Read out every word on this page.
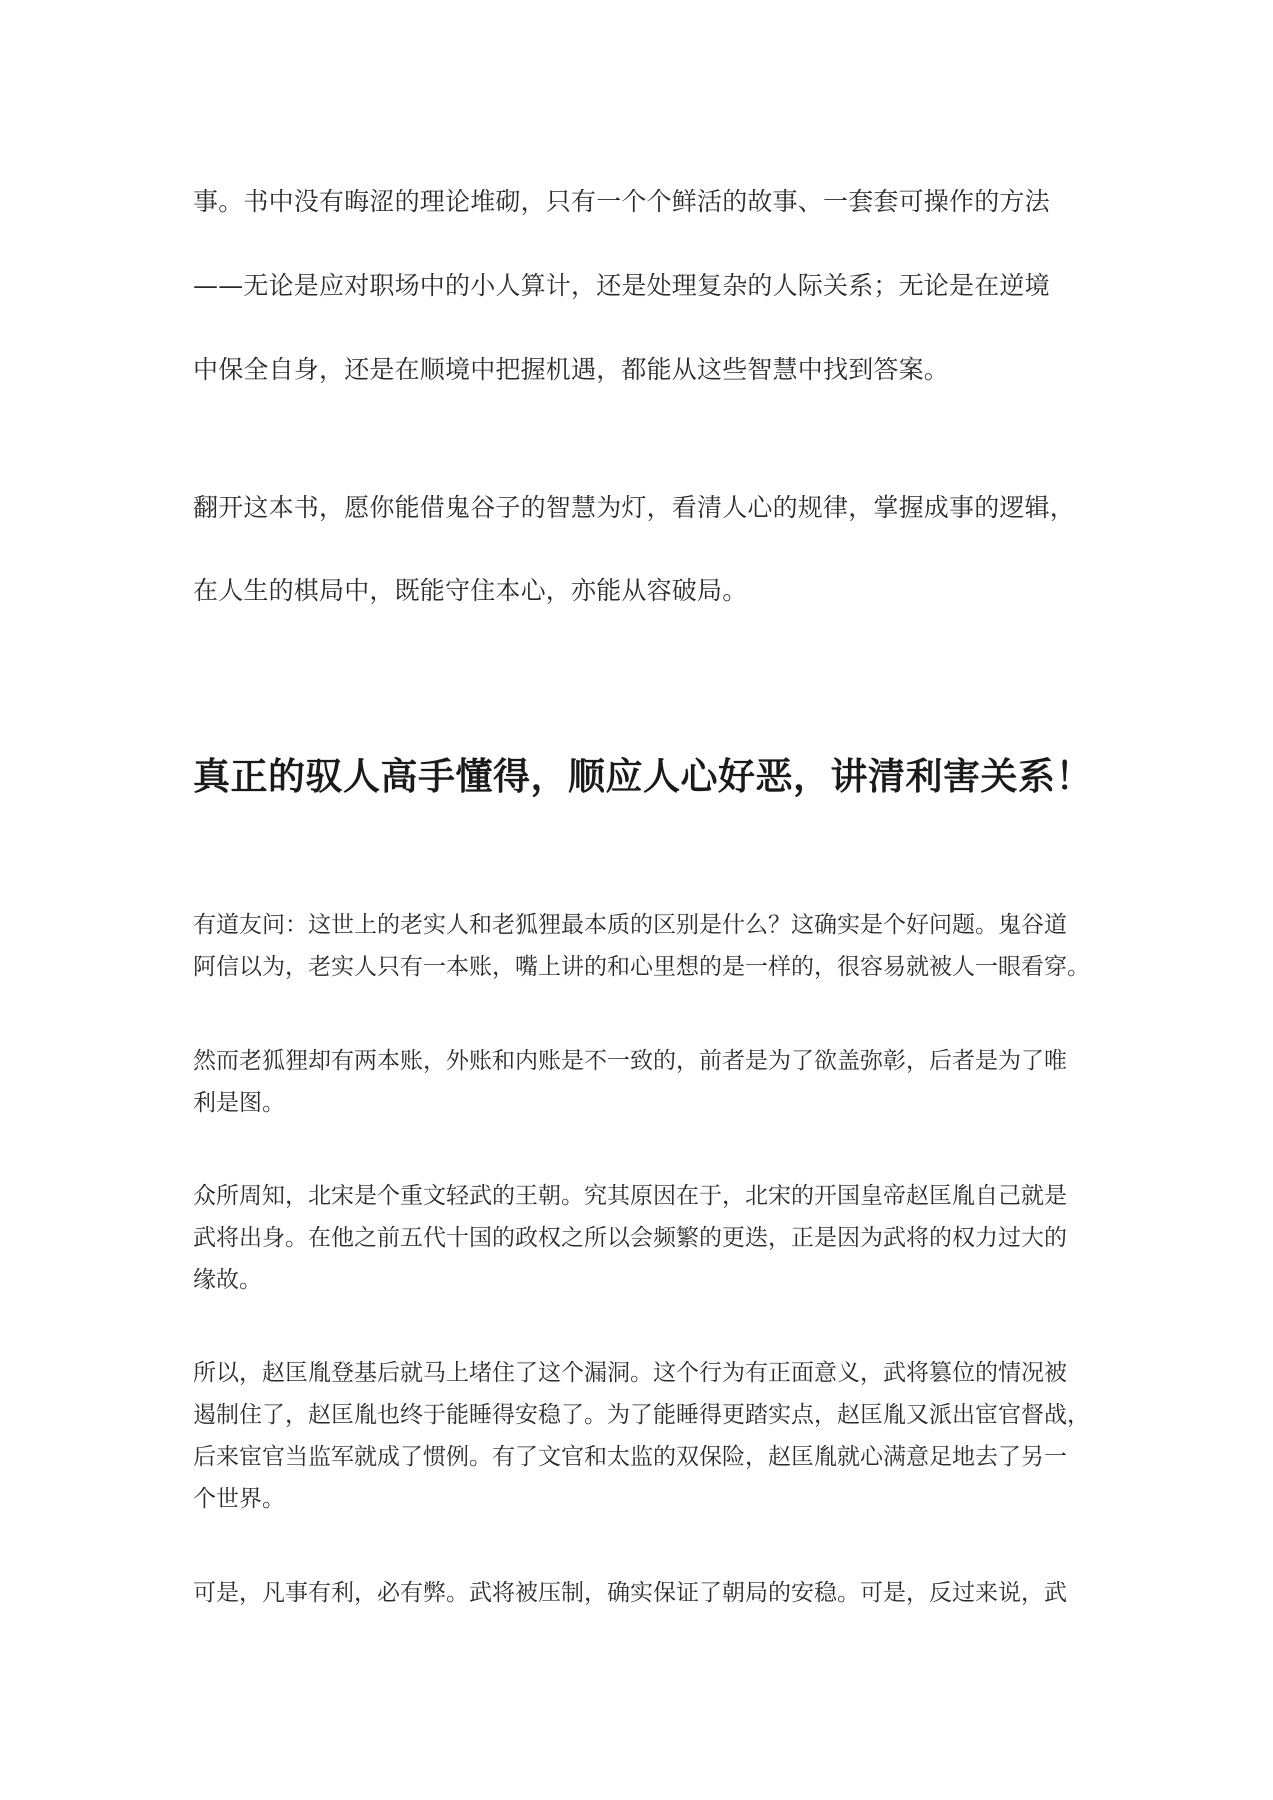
事。书中没有晦涩的理论堆砌，只有一个个鲜活的故事、一套套可操作的方法
——无论是应对职场中的小人算计，还是处理复杂的人际关系；无论是在逆境
中保全自身，还是在顺境中把握机遇，都能从这些智慧中找到答案。
翻开这本书，愿你能借鬼谷子的智慧为灯，看清人心的规律，掌握成事的逻辑，
在人生的棋局中，既能守住本心，亦能从容破局。
真正的驭人高手懂得，顺应人心好恶，讲清利害关系！
有道友问：这世上的老实人和老狐狸最本质的区别是什么？这确实是个好问题。鬼谷道
阿信以为，老实人只有一本账，嘴上讲的和心里想的是一样的，很容易就被人一眼看穿。
然而老狐狸却有两本账，外账和内账是不一致的，前者是为了欲盖弥彰，后者是为了唯
利是图。
众所周知，北宋是个重文轻武的王朝。究其原因在于，北宋的开国皇帝赵匡胤自己就是
武将出身。在他之前五代十国的政权之所以会频繁的更迭，正是因为武将的权力过大的
缘故。
所以，赵匡胤登基后就马上堵住了这个漏洞。这个行为有正面意义，武将篡位的情况被
遏制住了，赵匡胤也终于能睡得安稳了。为了能睡得更踏实点，赵匡胤又派出宦官督战，
后来宦官当监军就成了惯例。有了文官和太监的双保险，赵匡胤就心满意足地去了另一
个世界。
可是，凡事有利，必有弊。武将被压制，确实保证了朝局的安稳。可是，反过来说，武
